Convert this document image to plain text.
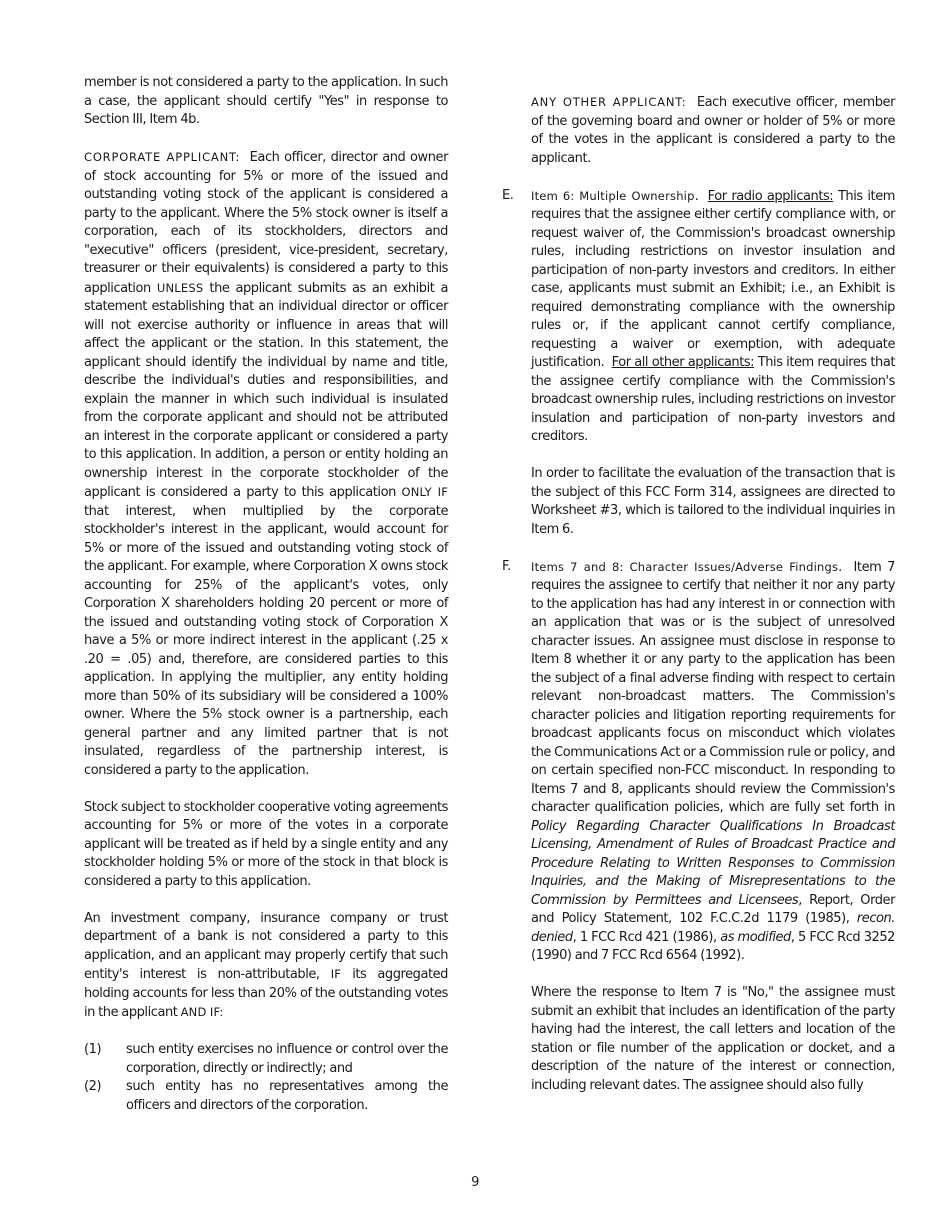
member is not considered a party to the application. In such a case, the applicant should certify "Yes" in response to Section III, Item 4b.

CORPORATE APPLICANT: Each officer, director and owner of stock accounting for 5% or more of the issued and outstanding voting stock of the applicant is considered a party to the applicant. Where the 5% stock owner is itself a corporation, each of its stockholders, directors and "executive" officers (president, vice-president, secretary, treasurer or their equivalents) is considered a party to this application UNLESS the applicant submits as an exhibit a statement establishing that an individual director or officer will not exercise authority or influence in areas that will affect the applicant or the station. In this statement, the applicant should identify the individual by name and title, describe the individual's duties and responsibilities, and explain the manner in which such individual is insulated from the corporate applicant and should not be attributed an interest in the corporate applicant or considered a party to this application. In addition, a person or entity holding an ownership interest in the corporate stockholder of the applicant is considered a party to this application ONLY IF that interest, when multiplied by the corporate stockholder's interest in the applicant, would account for 5% or more of the issued and outstanding voting stock of the applicant. For example, where Corporation X owns stock accounting for 25% of the applicant's votes, only Corporation X shareholders holding 20 percent or more of the issued and outstanding voting stock of Corporation X have a 5% or more indirect interest in the applicant (.25 x .20 = .05) and, therefore, are considered parties to this application. In applying the multiplier, any entity holding more than 50% of its subsidiary will be considered a 100% owner. Where the 5% stock owner is a partnership, each general partner and any limited partner that is not insulated, regardless of the partnership interest, is considered a party to the application.

Stock subject to stockholder cooperative voting agreements accounting for 5% or more of the votes in a corporate applicant will be treated as if held by a single entity and any stockholder holding 5% or more of the stock in that block is considered a party to this application.

An investment company, insurance company or trust department of a bank is not considered a party to this application, and an applicant may properly certify that such entity's interest is non-attributable, IF its aggregated holding accounts for less than 20% of the outstanding votes in the applicant AND IF:

(1)	such entity exercises no influence or control over the corporation, directly or indirectly; and
(2)	such entity has no representatives among the officers and directors of the corporation.

ANY OTHER APPLICANT: Each executive officer, member of the governing board and owner or holder of 5% or more of the votes in the applicant is considered a party to the applicant.

E.	Item 6: Multiple Ownership.  For radio applicants: This item requires that the assignee either certify compliance with, or request waiver of, the Commission's broadcast ownership rules, including restrictions on investor insulation and participation of non-party investors and creditors. In either case, applicants must submit an Exhibit; i.e., an Exhibit is required demonstrating compliance with the ownership rules or, if the applicant cannot certify compliance, requesting a waiver or exemption, with adequate justification. For all other applicants: This item requires that the assignee certify compliance with the Commission's broadcast ownership rules, including restrictions on investor insulation and participation of non-party investors and creditors.

In order to facilitate the evaluation of the transaction that is the subject of this FCC Form 314, assignees are directed to Worksheet #3, which is tailored to the individual inquiries in Item 6.

F.	Items 7 and 8: Character Issues/Adverse Findings.  Item 7 requires the assignee to certify that neither it nor any party to the application has had any interest in or connection with an application that was or is the subject of unresolved character issues. An assignee must disclose in response to Item 8 whether it or any party to the application has been the subject of a final adverse finding with respect to certain relevant non-broadcast matters. The Commission's character policies and litigation reporting requirements for broadcast applicants focus on misconduct which violates the Communications Act or a Commission rule or policy, and on certain specified non-FCC misconduct. In responding to Items 7 and 8, applicants should review the Commission's character qualification policies, which are fully set forth in Policy Regarding Character Qualifications In Broadcast Licensing, Amendment of Rules of Broadcast Practice and Procedure Relating to Written Responses to Commission Inquiries, and the Making of Misrepresentations to the Commission by Permittees and Licensees, Report, Order and Policy Statement, 102 F.C.C.2d 1179 (1985), recon. denied, 1 FCC Rcd 421 (1986), as modified, 5 FCC Rcd 3252 (1990) and 7 FCC Rcd 6564 (1992).

Where the response to Item 7 is "No," the assignee must submit an exhibit that includes an identification of the party having had the interest, the call letters and location of the station or file number of the application or docket, and a description of the nature of the interest or connection, including relevant dates. The assignee should also fully

9
